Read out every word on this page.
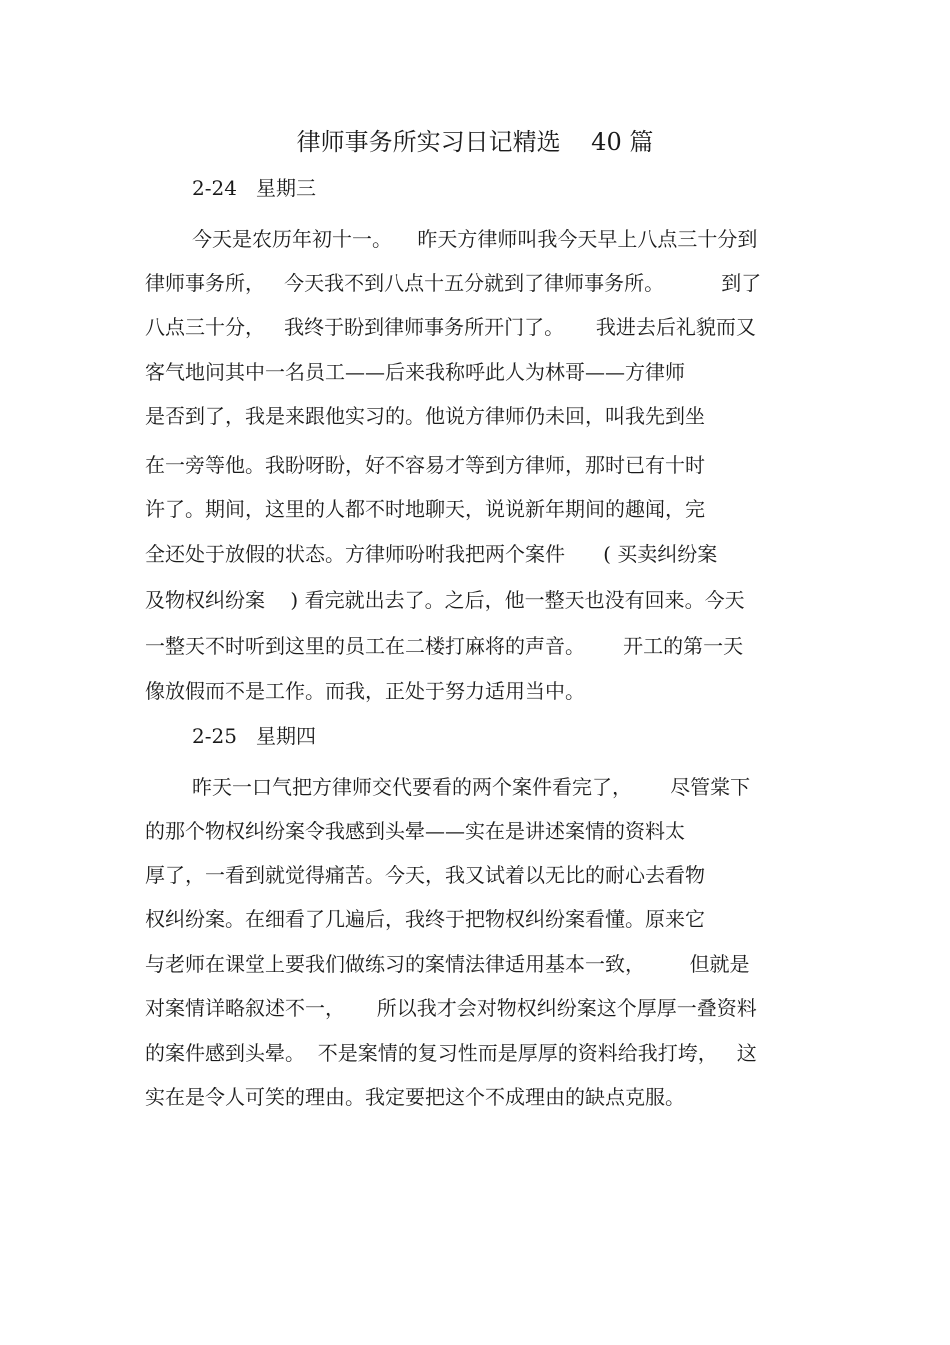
律师事务所实习日记精选    40 篇
2-24   星期三
今天是农历年初十一。    昨天方律师叫我今天早上八点三十分到
律师事务所，   今天我不到八点十五分就到了律师事务所。         到了
八点三十分，   我终于盼到律师事务所开门了。     我进去后礼貌而又
客气地问其中一名员工——后来我称呼此人为林哥——方律师
是否到了，我是来跟他实习的。他说方律师仍未回，叫我先到坐
在一旁等他。我盼呀盼，好不容易才等到方律师，那时已有十时
许了。期间，这里的人都不时地聊天，说说新年期间的趣闻，完
全还处于放假的状态。方律师吩咐我把两个案件      ( 买卖纠纷案
及物权纠纷案    ) 看完就出去了。之后，他一整天也没有回来。今天
一整天不时听到这里的员工在二楼打麻将的声音。      开工的第一天
像放假而不是工作。而我，正处于努力适用当中。
2-25   星期四
昨天一口气把方律师交代要看的两个案件看完了，      尽管棠下
的那个物权纠纷案令我感到头晕——实在是讲述案情的资料太
厚了，一看到就觉得痛苦。今天，我又试着以无比的耐心去看物
权纠纷案。在细看了几遍后，我终于把物权纠纷案看懂。原来它
与老师在课堂上要我们做练习的案情法律适用基本一致，       但就是
对案情详略叙述不一，     所以我才会对物权纠纷案这个厚厚一叠资料
的案件感到头晕。  不是案情的复习性而是厚厚的资料给我打垮，   这
实在是令人可笑的理由。我定要把这个不成理由的缺点克服。
